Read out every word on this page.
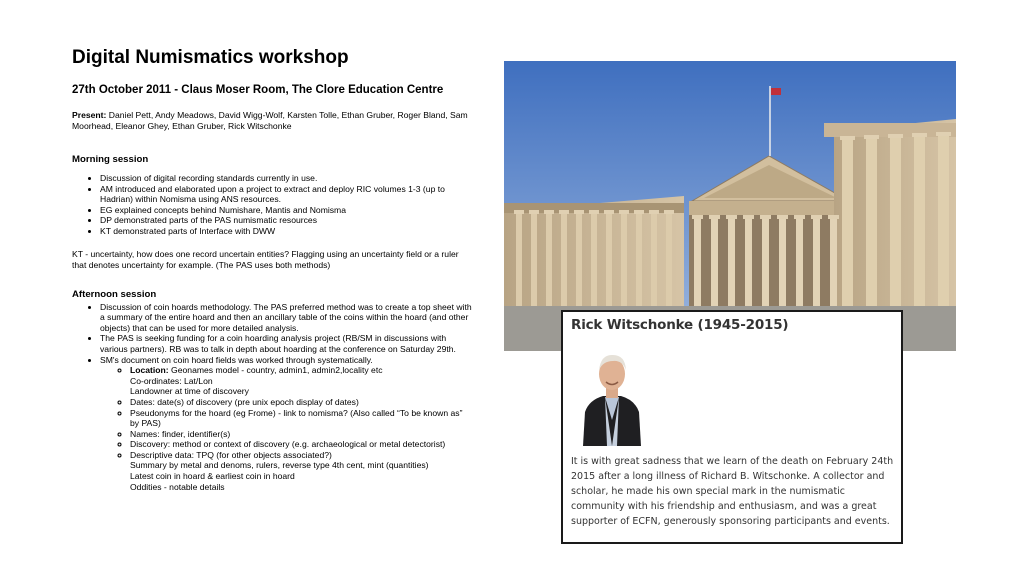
Digital Numismatics workshop
27th October 2011 - Claus Moser Room, The Clore Education Centre
Present: Daniel Pett, Andy Meadows, David Wigg-Wolf, Karsten Tolle, Ethan Gruber, Roger Bland, Sam Moorhead, Eleanor Ghey, Ethan Gruber, Rick Witschonke
Morning session
• Discussion of digital recording standards currently in use.
• AM introduced and elaborated upon a project to extract and deploy RIC volumes 1-3 (up to Hadrian) within Nomisma using ANS resources.
• EG explained concepts behind Numishare, Mantis and Nomisma
• DP demonstrated parts of the PAS numismatic resources
• KT demonstrated parts of Interface with DWW
KT - uncertainty, how does one record uncertain entities? Flagging using an uncertainty field or a ruler that denotes uncertainty for example. (The PAS uses both methods)
Afternoon session
• Discussion of coin hoards methodology. The PAS preferred method was to create a top sheet with a summary of the entire hoard and then an ancillary table of the coins within the hoard (and other objects) that can be used for more detailed analysis.
• The PAS is seeking funding for a coin hoarding analysis project (RB/SM in discussions with various partners). RB was to talk in depth about hoarding at the conference on Saturday 29th.
• SM's document on coin hoard fields was worked through systematically.
◦ Location: Geonames model - country, admin1, admin2,locality etc
Co-ordinates: Lat/Lon
Landowner at time of discovery
◦ Dates: date(s) of discovery (pre unix epoch display of dates)
◦ Pseudonyms for the hoard (eg Frome) - link to nomisma? (Also called “To be known as” by PAS)
◦ Names: finder, identifier(s)
◦ Discovery: method or context of discovery (e.g. archaeological or metal detectorist)
◦ Descriptive data: TPQ (for other objects associated?)
Summary by metal and denoms, rulers, reverse type 4th cent, mint (quantities)
Latest coin in hoard & earliest coin in hoard
Oddities - notable details
Rick Witschonke (1945-2015)
It is with great sadness that we learn of the death on February 24th 2015 after a long illness of Richard B. Witschonke. A collector and scholar, he made his own special mark in the numismatic community with his friendship and enthusiasm, and was a great supporter of ECFN, generously sponsoring participants and events.
